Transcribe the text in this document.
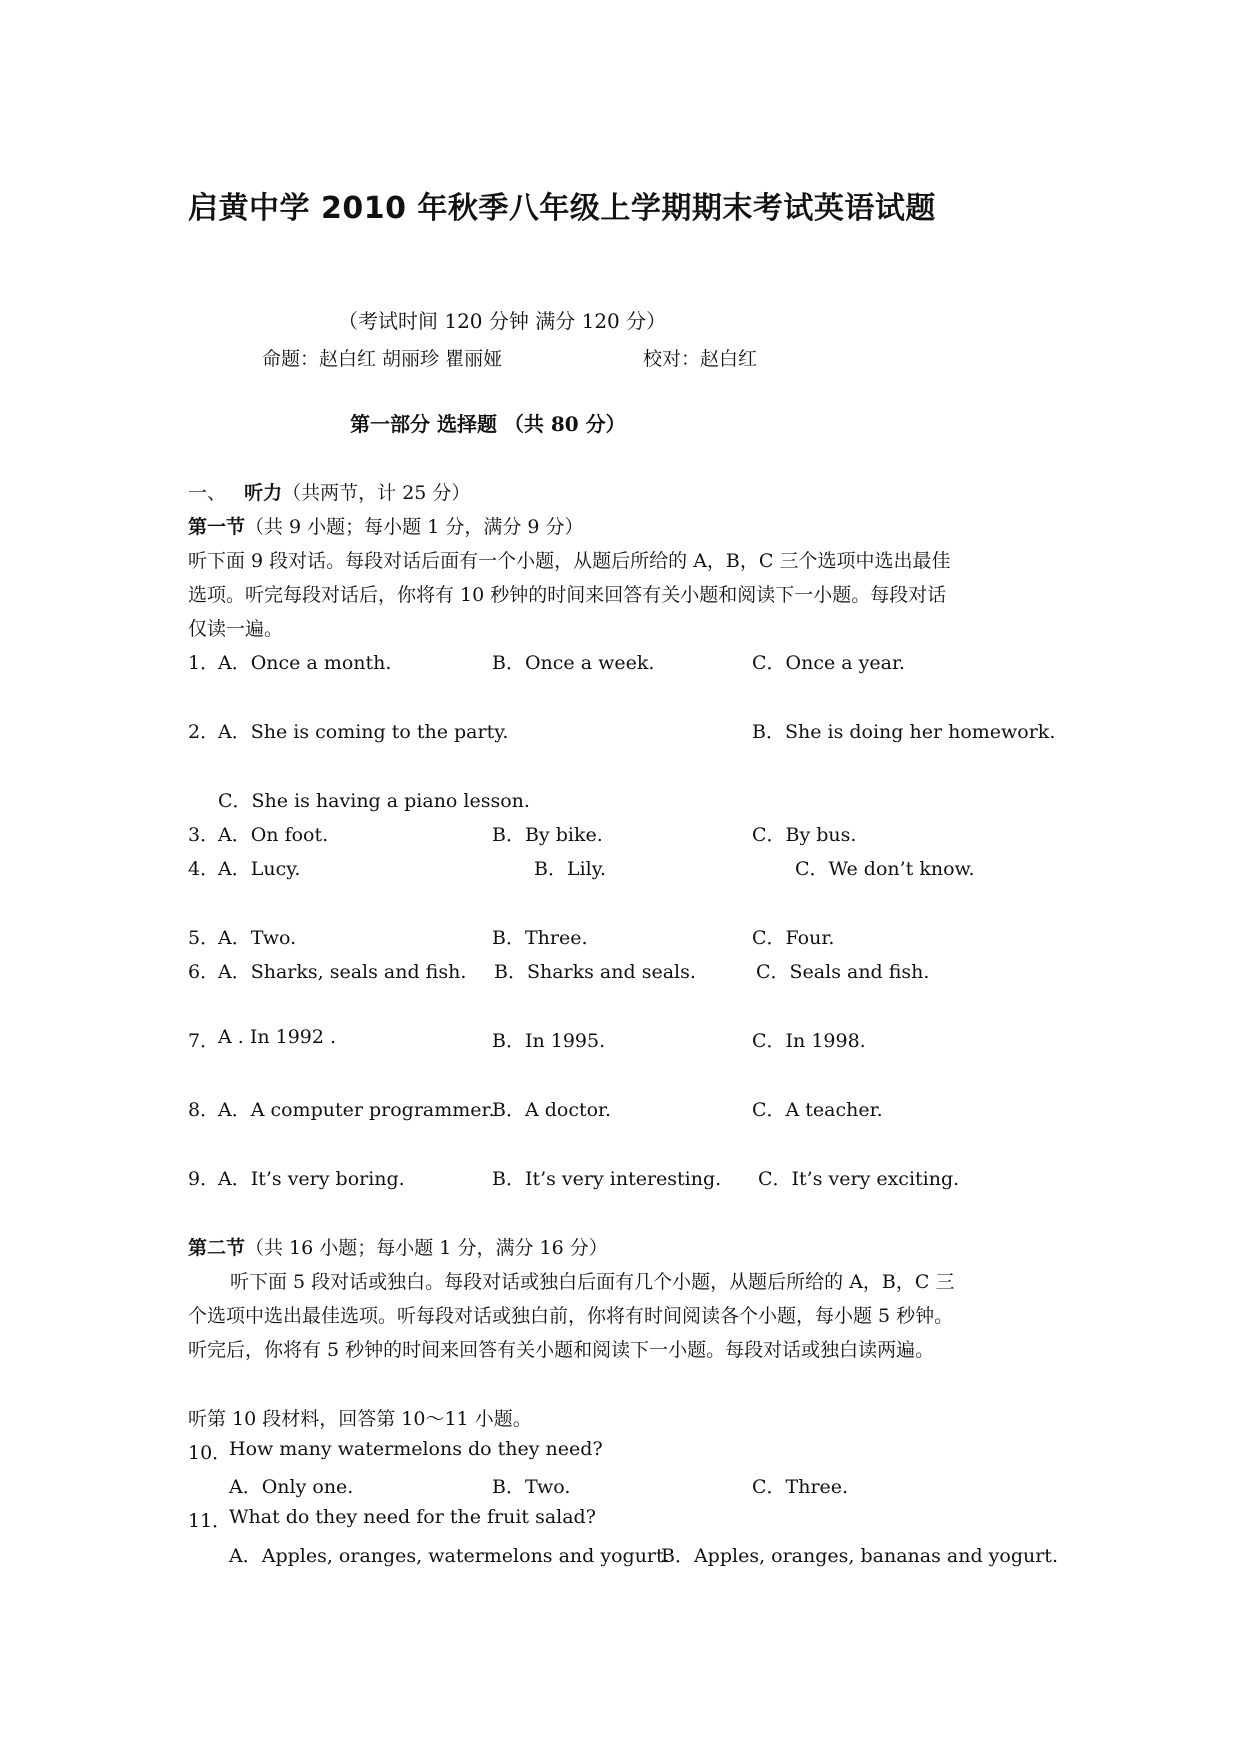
启黄中学 2010 年秋季八年级上学期期末考试英语试题
（考试时间 120 分钟 满分 120 分）
命题：赵白红 胡丽珍 瞿丽娅	校对：赵白红
第一部分 选择题 （共 80 分）
一、 听力（共两节，计 25 分）
第一节（共 9 小题；每小题 1 分，满分 9 分）
听下面 9 段对话。每段对话后面有一个小题，从题后所给的 A，B，C 三个选项中选出最佳
选项。听完每段对话后，你将有 10 秒钟的时间来回答有关小题和阅读下一小题。每段对话
仅读一遍。
1．
A．Once a month.	B．Once a week.	C．Once a year.
2．
A．She is coming to the party.	B．She is doing her homework.
C．She is having a piano lesson.
3．
A．On foot.	B．By bike.	C．By bus.
4．
A．Lucy.	B．Lily.	C．We don’t know.
5．
A．Two.	B．Three.	C．Four.
6．
A．Sharks, seals and fish. B．Sharks and seals.	C．Seals and fish.
7．
A . In 1992 .	B．In 1995.	C．In 1998.
8．
A．A computer programmer.
B．A doctor.	C．A teacher.
9．
A．It’s very boring.	B．It’s very interesting. C．It’s very exciting.
第二节（共 16 小题；每小题 1 分，满分 16 分）
听下面 5 段对话或独白。每段对话或独白后面有几个小题，从题后所给的 A，B，C 三
个选项中选出最佳选项。听每段对话或独白前，你将有时间阅读各个小题，每小题 5 秒钟。
听完后，你将有 5 秒钟的时间来回答有关小题和阅读下一小题。每段对话或独白读两遍。
听第 10 段材料，回答第 10～11 小题。
10．
How many watermelons do they need?
A．Only one.	B．Two.	C．Three.
11．
What do they need for the fruit salad?
A．Apples, oranges, watermelons and yogurt.
B．Apples, oranges, bananas and yogurt.
